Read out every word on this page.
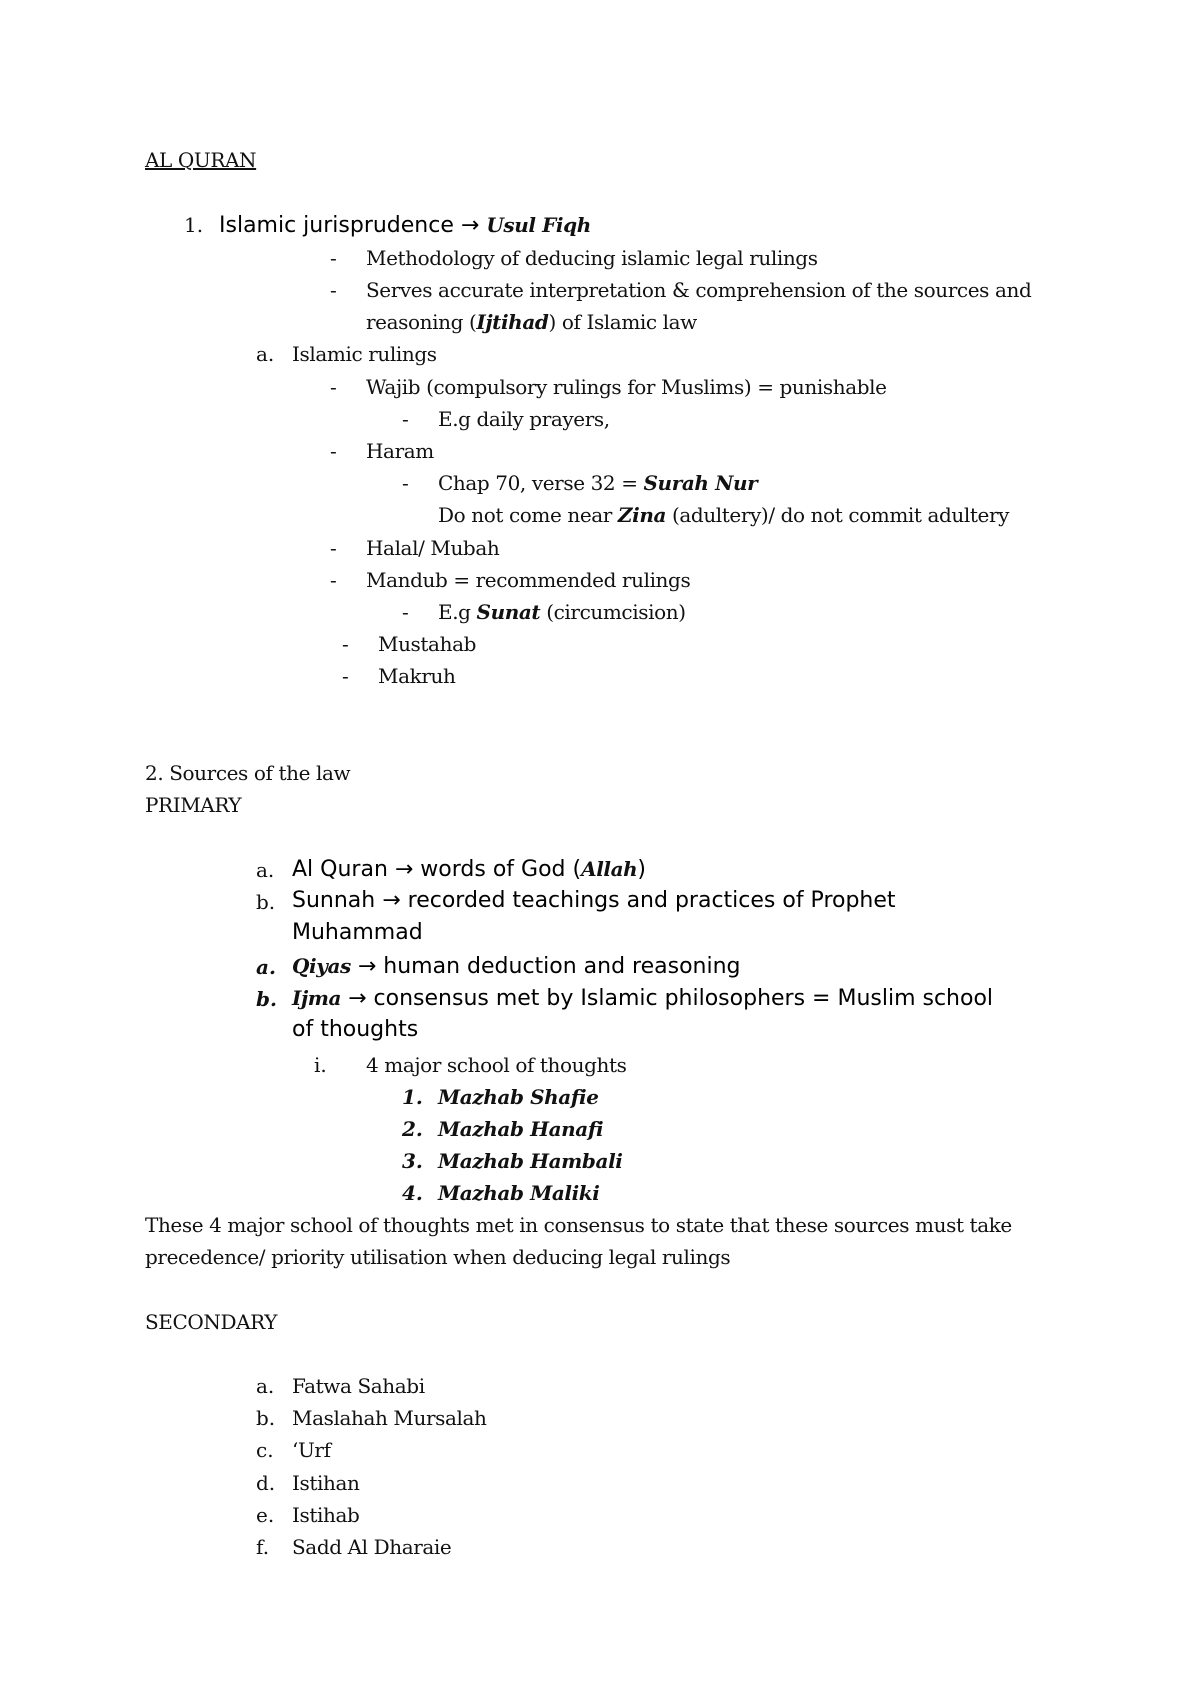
AL QURAN
1. Islamic jurisprudence → Usul Fiqh
- Methodology of deducing islamic legal rulings
- Serves accurate interpretation & comprehension of the sources and
reasoning (Ijtihad) of Islamic law
a. Islamic rulings
- Wajib (compulsory rulings for Muslims) = punishable
- E.g daily prayers,
- Haram
- Chap 70, verse 32 = Surah Nur
Do not come near Zina (adultery)/ do not commit adultery
- Halal/ Mubah
- Mandub = recommended rulings
- E.g Sunat (circumcision)
- Mustahab
- Makruh
2. Sources of the law
PRIMARY
a. Al Quran → words of God (Allah)
b. Sunnah → recorded teachings and practices of Prophet
Muhammad
a. Qiyas → human deduction and reasoning
b. Ijma → consensus met by Islamic philosophers = Muslim school
of thoughts
i. 4 major school of thoughts
1. Mazhab Shafie
2. Mazhab Hanafi
3. Mazhab Hambali
4. Mazhab Maliki
These 4 major school of thoughts met in consensus to state that these sources must take
precedence/ priority utilisation when deducing legal rulings
SECONDARY
a. Fatwa Sahabi
b. Maslahah Mursalah
c. ‘Urf
d. Istihan
e. Istihab
f. Sadd Al Dharaie
